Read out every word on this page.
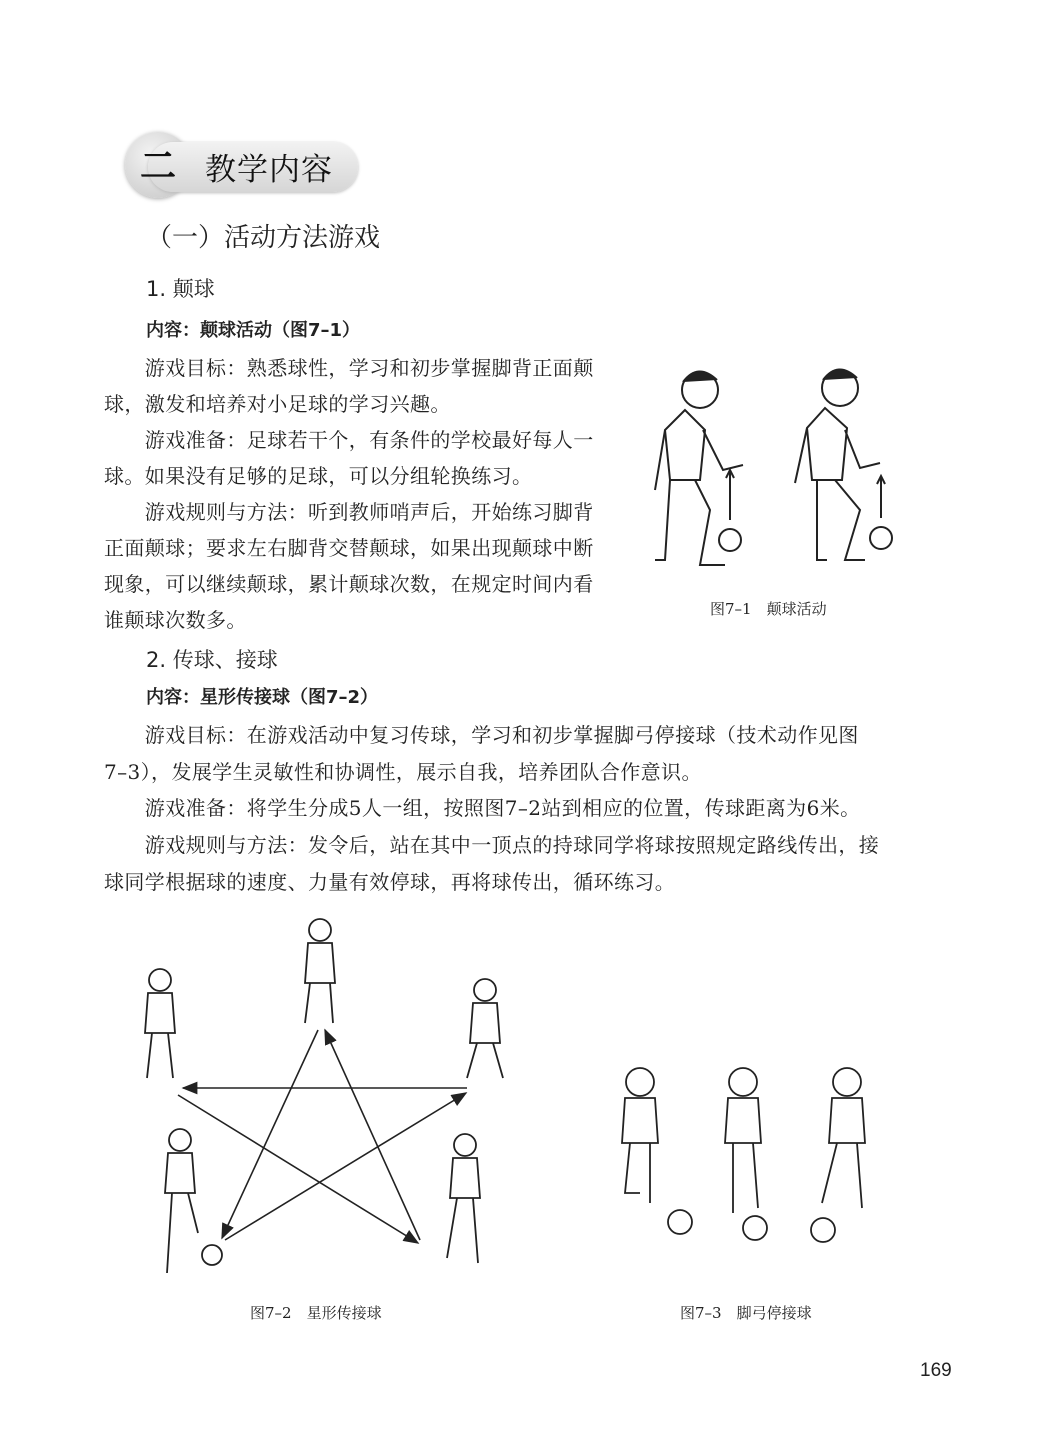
二 教学内容
（一）活动方法游戏
1. 颠球
内容：颠球活动（图7–1）
　　游戏目标：熟悉球性，学习和初步掌握脚背正面颠
球，激发和培养对小足球的学习兴趣。
　　游戏准备：足球若干个，有条件的学校最好每人一
球。如果没有足够的足球，可以分组轮换练习。
　　游戏规则与方法：听到教师哨声后，开始练习脚背
正面颠球；要求左右脚背交替颠球，如果出现颠球中断
现象，可以继续颠球，累计颠球次数，在规定时间内看
谁颠球次数多。	图7–1　颠球活动
2. 传球、接球
内容：星形传接球（图7–2）
　　游戏目标：在游戏活动中复习传球，学习和初步掌握脚弓停接球（技术动作见图
7–3），发展学生灵敏性和协调性，展示自我，培养团队合作意识。
　　游戏准备：将学生分成5人一组，按照图7–2站到相应的位置，传球距离为6米。
　　游戏规则与方法：发令后，站在其中一顶点的持球同学将球按照规定路线传出，接
球同学根据球的速度、力量有效停球，再将球传出，循环练习。
图7–2　星形传接球	图7–3　脚弓停接球
169
